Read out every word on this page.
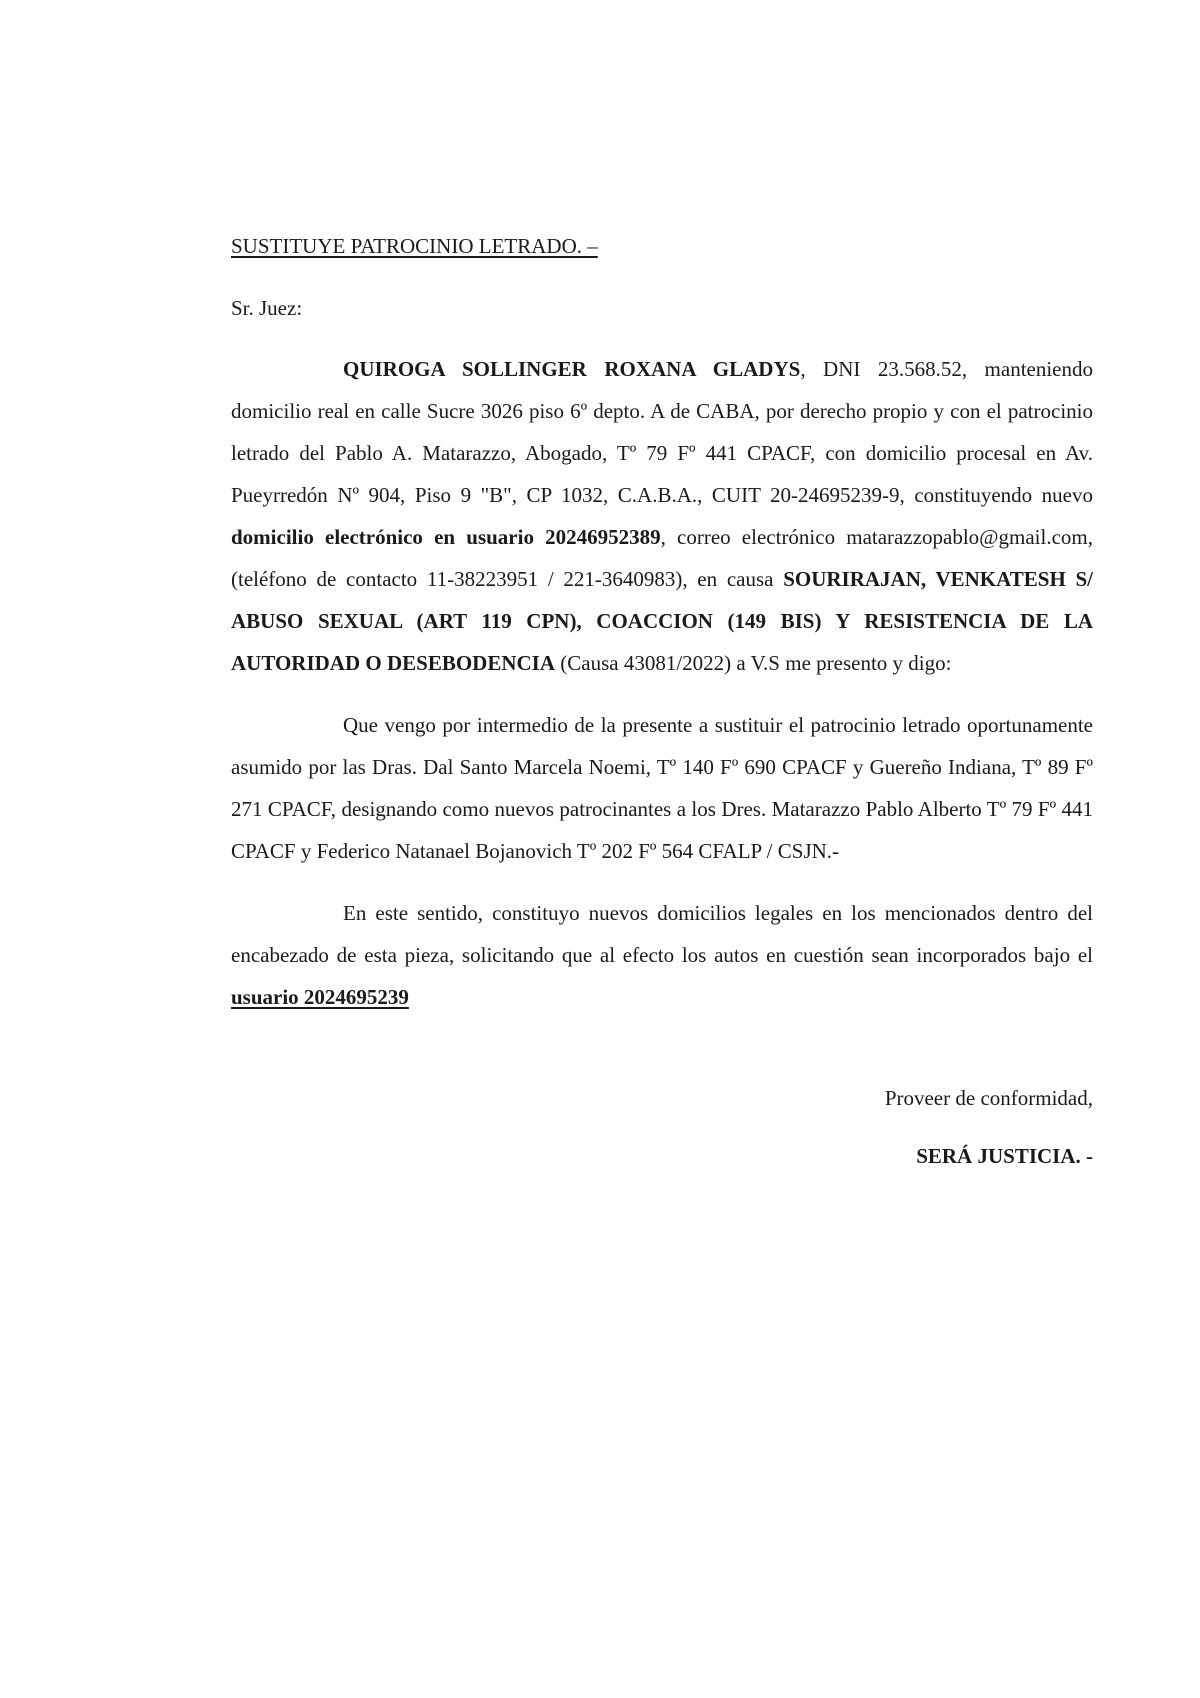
SUSTITUYE PATROCINIO LETRADO. –

Sr. Juez:

QUIROGA SOLLINGER ROXANA GLADYS, DNI 23.568.52, manteniendo domicilio real en calle Sucre 3026 piso 6º depto. A de CABA, por derecho propio y con el patrocinio letrado del Pablo A. Matarazzo, Abogado, Tº 79 Fº 441 CPACF, con domicilio procesal en Av. Pueyrredón Nº 904, Piso 9 "B", CP 1032, C.A.B.A., CUIT 20-24695239-9, constituyendo nuevo domicilio electrónico en usuario 20246952389, correo electrónico matarazzopablo@gmail.com, (teléfono de contacto 11-38223951 / 221-3640983), en causa SOURIRAJAN, VENKATESH S/ ABUSO SEXUAL (ART 119 CPN), COACCION (149 BIS) Y RESISTENCIA DE LA AUTORIDAD O DESEBODENCIA (Causa 43081/2022) a V.S me presento y digo:

Que vengo por intermedio de la presente a sustituir el patrocinio letrado oportunamente asumido por las Dras. Dal Santo Marcela Noemi, Tº 140 Fº 690 CPACF y Guereño Indiana, Tº 89 Fº 271 CPACF, designando como nuevos patrocinantes a los Dres. Matarazzo Pablo Alberto Tº 79 Fº 441 CPACF y Federico Natanael Bojanovich Tº 202 Fº 564 CFALP / CSJN.-

En este sentido, constituyo nuevos domicilios legales en los mencionados dentro del encabezado de esta pieza, solicitando que al efecto los autos en cuestión sean incorporados bajo el usuario 2024695239

Proveer de conformidad,

SERÁ JUSTICIA. -
